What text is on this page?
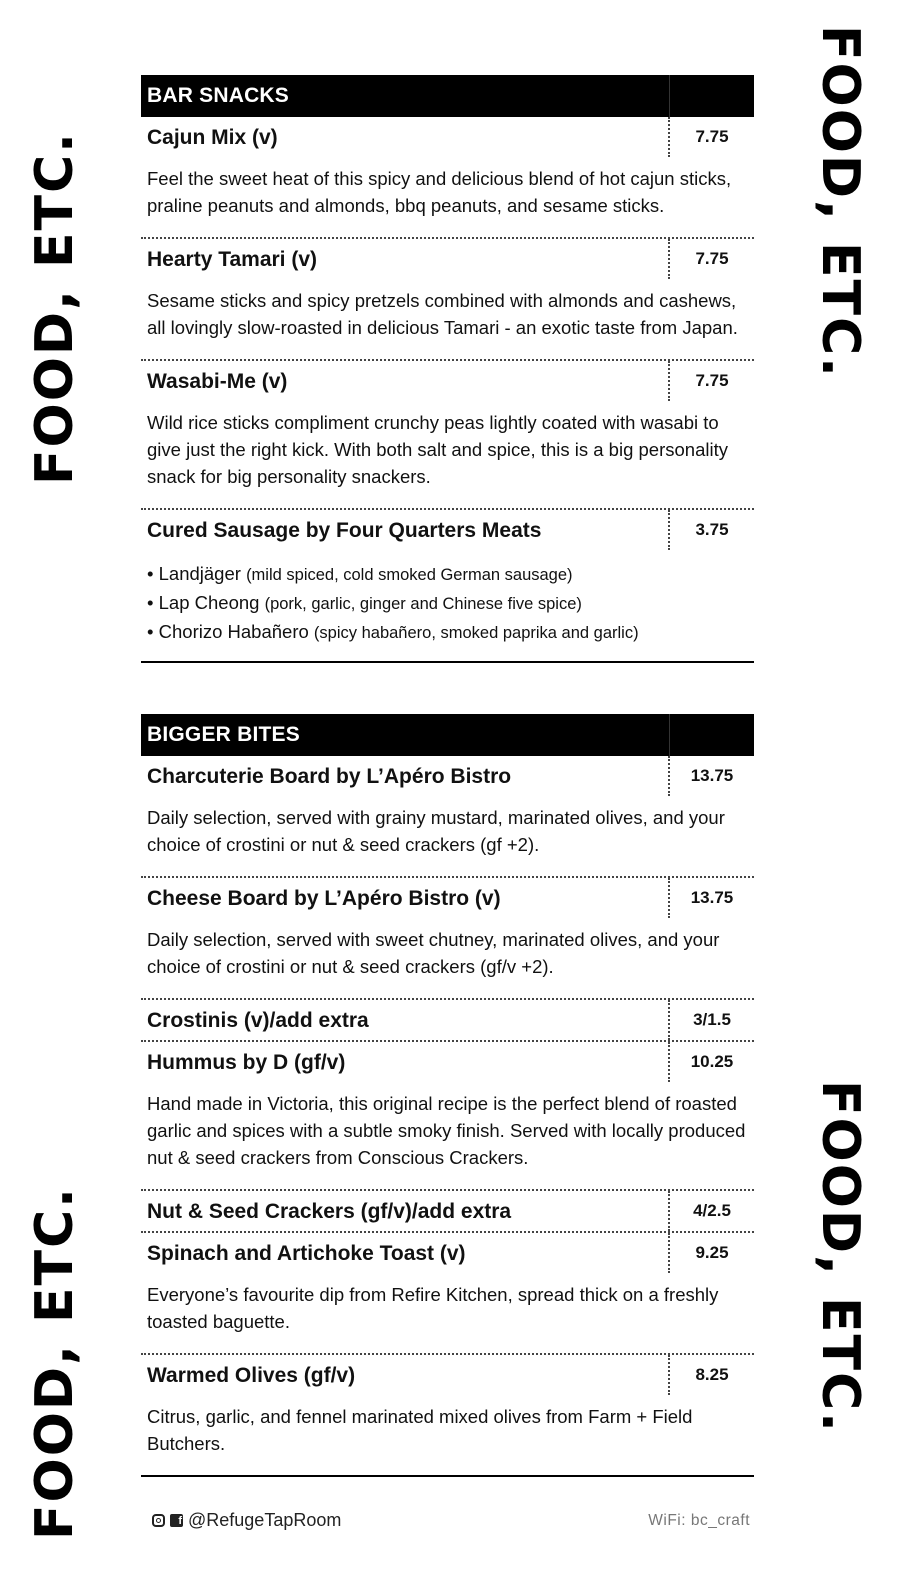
FOOD, ETC.
FOOD, ETC.
FOOD, ETC.
FOOD, ETC.
BAR SNACKS
Cajun Mix (v)	7.75
Feel the sweet heat of this spicy and delicious blend of hot cajun sticks, praline peanuts and almonds, bbq peanuts, and sesame sticks.
Hearty Tamari (v)	7.75
Sesame sticks and spicy pretzels combined with almonds and cashews, all lovingly slow-roasted in delicious Tamari - an exotic taste from Japan.
Wasabi-Me (v)	7.75
Wild rice sticks compliment crunchy peas lightly coated with wasabi to give just the right kick. With both salt and spice, this is a big personality snack for big personality snackers.
Cured Sausage by Four Quarters Meats	3.75
• Landjäger (mild spiced, cold smoked German sausage)
• Lap Cheong (pork, garlic, ginger and Chinese five spice)
• Chorizo Habañero (spicy habañero, smoked paprika and garlic)
BIGGER BITES
Charcuterie Board by L’Apéro Bistro	13.75
Daily selection, served with grainy mustard, marinated olives, and your choice of crostini or nut & seed crackers (gf +2).
Cheese Board by L’Apéro Bistro (v)	13.75
Daily selection, served with sweet chutney, marinated olives, and your choice of crostini or nut & seed crackers (gf/v +2).
Crostinis (v)/add extra	3/1.5
Hummus by D (gf/v)	10.25
Hand made in Victoria, this original recipe is the perfect blend of roasted garlic and spices with a subtle smoky finish. Served with locally produced nut & seed crackers from Conscious Crackers.
Nut & Seed Crackers (gf/v)/add extra	4/2.5
Spinach and Artichoke Toast (v)	9.25
Everyone’s favourite dip from Refire Kitchen, spread thick on a freshly toasted baguette.
Warmed Olives (gf/v)	8.25
Citrus, garlic, and fennel marinated mixed olives from Farm + Field Butchers.
f @RefugeTapRoom	WiFi: bc_craft
